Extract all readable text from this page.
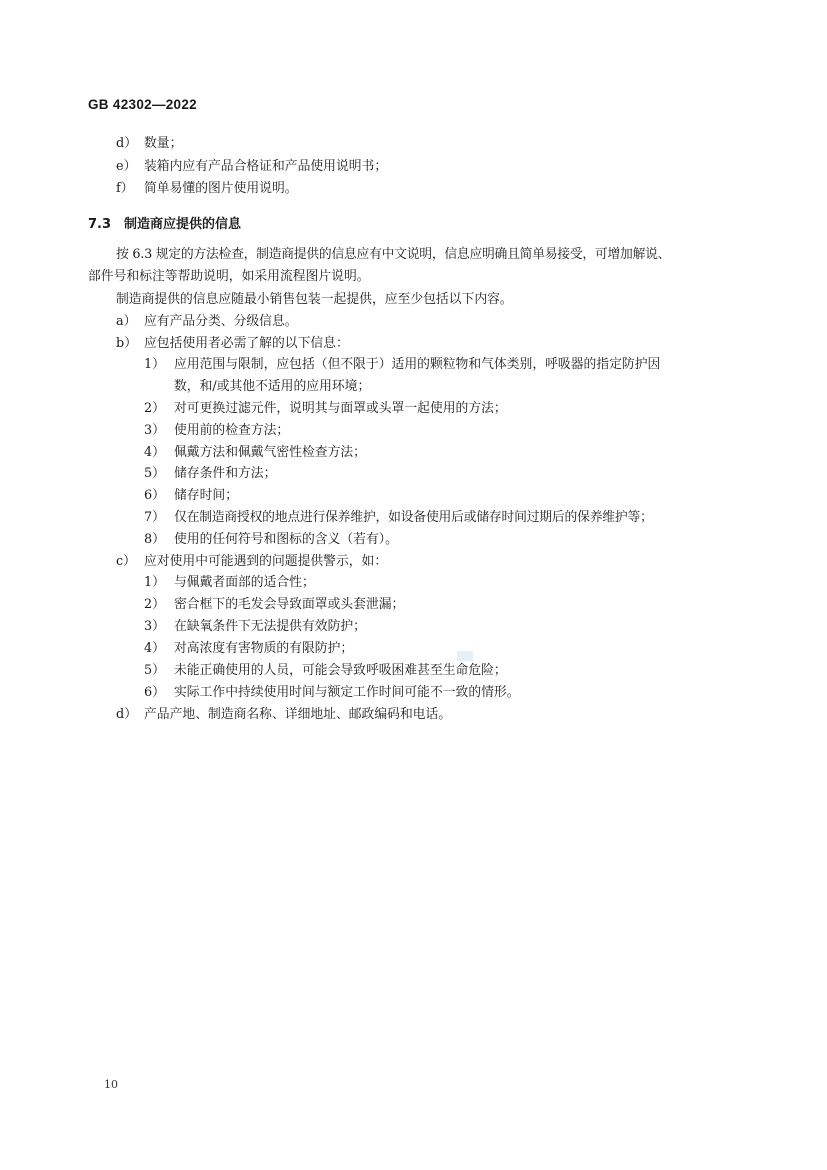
GB 42302—2022
d） 数量；
e） 装箱内应有产品合格证和产品使用说明书；
f） 简单易懂的图片使用说明。
7.3 制造商应提供的信息
按 6.3 规定的方法检查，制造商提供的信息应有中文说明，信息应明确且简单易接受，可增加解说、
部件号和标注等帮助说明，如采用流程图片说明。
制造商提供的信息应随最小销售包装一起提供，应至少包括以下内容。
a） 应有产品分类、分级信息。
b） 应包括使用者必需了解的以下信息：
1） 应用范围与限制，应包括（但不限于）适用的颗粒物和气体类别，呼吸器的指定防护因
数，和/或其他不适用的应用环境；
2） 对可更换过滤元件，说明其与面罩或头罩一起使用的方法；
3） 使用前的检查方法；
4） 佩戴方法和佩戴气密性检查方法；
5） 储存条件和方法；
6） 储存时间；
7） 仅在制造商授权的地点进行保养维护，如设备使用后或储存时间过期后的保养维护等；
8） 使用的任何符号和图标的含义（若有）。
c） 应对使用中可能遇到的问题提供警示，如：
1） 与佩戴者面部的适合性；
2） 密合框下的毛发会导致面罩或头套泄漏；
3） 在缺氧条件下无法提供有效防护；
4） 对高浓度有害物质的有限防护；
5） 未能正确使用的人员，可能会导致呼吸困难甚至生命危险；
6） 实际工作中持续使用时间与额定工作时间可能不一致的情形。
d） 产品产地、制造商名称、详细地址、邮政编码和电话。
10
